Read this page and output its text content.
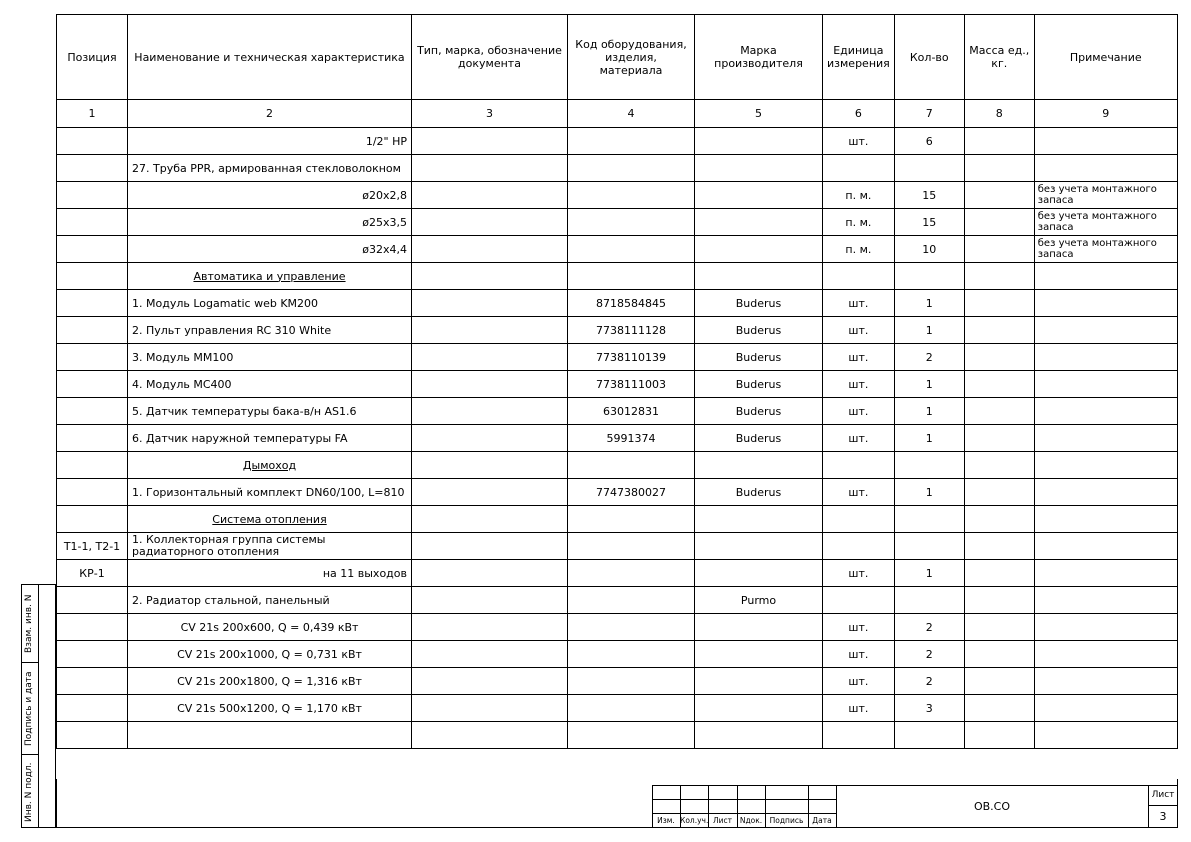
Позиция	Наименование и техническая характеристика	Тип, марка, обозначение документа	Код оборудования, изделия, материала	Марка производителя	Единица измерения	Кол-во	Масса ед., кг.	Примечание
1	2	3	4	5	6	7	8	9
	1/2" НР				шт.	6		
	27. Труба PPR, армированная стекловолокном							
	ø20x2,8				п. м.	15		без учета монтажного запаса
	ø25x3,5				п. м.	15		без учета монтажного запаса
	ø32x4,4				п. м.	10		без учета монтажного запаса
	Автоматика и управление							
	1. Модуль Logamatic web KM200		8718584845	Buderus	шт.	1		
	2. Пульт управления RC 310 White		7738111128	Buderus	шт.	1		
	3. Модуль MM100		7738110139	Buderus	шт.	2		
	4. Модуль MC400		7738111003	Buderus	шт.	1		
	5. Датчик температуры бака-в/н AS1.6		63012831	Buderus	шт.	1		
	6. Датчик наружной температуры FA		5991374	Buderus	шт.	1		
	Дымоход							
	1. Горизонтальный комплект DN60/100, L=810		7747380027	Buderus	шт.	1		
	Система отопления							
Т1-1, Т2-1	1. Коллекторная группа системы радиаторного отопления							
КР-1	на 11 выходов				шт.	1		
	2. Радиатор стальной, панельный			Purmo				
	CV 21s 200x600, Q = 0,439 кВт				шт.	2		
	CV 21s 200x1000, Q = 0,731 кВт				шт.	2		
	CV 21s 200x1800, Q = 1,316 кВт				шт.	2		
	CV 21s 500x1200, Q = 1,170 кВт				шт.	3		

Взам. инв. N
Подпись и дата
Инв. N подл.	Изм. Кол.уч. Лист	Nдок. Подпись	Дата
ОВ.СО
Лист
3
